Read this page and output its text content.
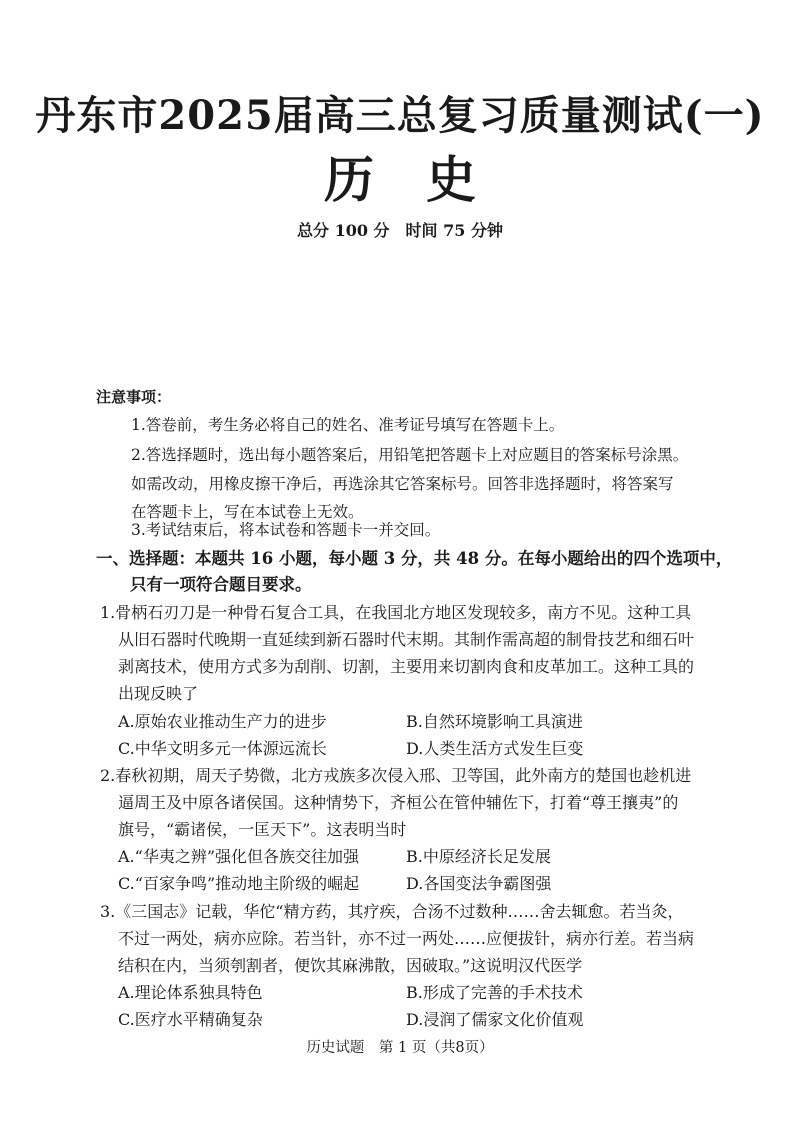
丹东市2025届高三总复习质量测试(一)
历 史
总分 100 分　时间 75 分钟
注意事项：
1.答卷前，考生务必将自己的姓名、准考证号填写在答题卡上。
2.答选择题时，选出每小题答案后，用铅笔把答题卡上对应题目的答案标号涂黑。
如需改动，用橡皮擦干净后，再选涂其它答案标号。回答非选择题时，将答案写
在答题卡上，写在本试卷上无效。
3.考试结束后，将本试卷和答题卡一并交回。
一、选择题：本题共 16 小题，每小题 3 分，共 48 分。在每小题给出的四个选项中，
只有一项符合题目要求。
1.骨柄石刃刀是一种骨石复合工具，在我国北方地区发现较多，南方不见。这种工具
从旧石器时代晚期一直延续到新石器时代末期。其制作需高超的制骨技艺和细石叶
剥离技术，使用方式多为刮削、切割，主要用来切割肉食和皮革加工。这种工具的
出现反映了
A.原始农业推动生产力的进步	B.自然环境影响工具演进
C.中华文明多元一体源远流长	D.人类生活方式发生巨变
2.春秋初期，周天子势微，北方戎族多次侵入邢、卫等国，此外南方的楚国也趁机进
逼周王及中原各诸侯国。这种情势下，齐桓公在管仲辅佐下，打着“尊王攘夷”的
旗号，“霸诸侯，一匡天下”。这表明当时
A.“华夷之辨”强化但各族交往加强	B.中原经济长足发展
C.“百家争鸣”推动地主阶级的崛起	D.各国变法争霸图强
3.《三国志》记载，华佗“精方药，其疗疾，合汤不过数种……舍去辄愈。若当灸，
不过一两处，病亦应除。若当针，亦不过一两处……应便拔针，病亦行差。若当病
结积在内，当须刳割者，便饮其麻沸散，因破取。”这说明汉代医学
A.理论体系独具特色	B.形成了完善的手术技术
C.医疗水平精确复杂	D.浸润了儒家文化价值观
历史试题　第 1 页（共8页）
